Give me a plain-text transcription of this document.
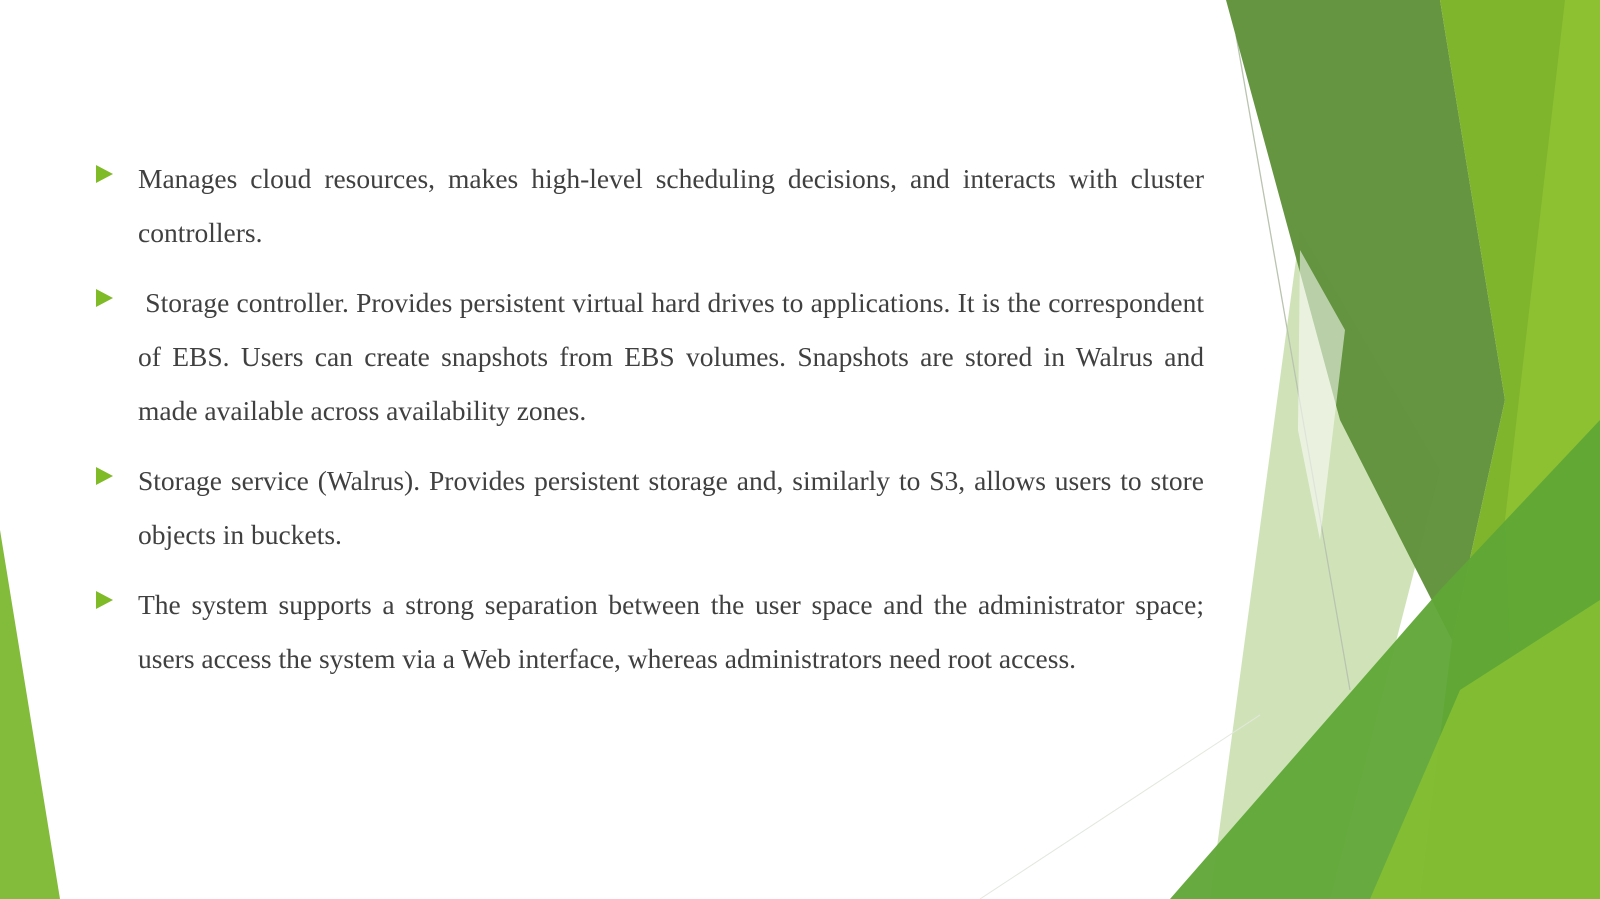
Manages cloud resources, makes high-level scheduling decisions, and interacts with cluster controllers.

Storage controller. Provides persistent virtual hard drives to applications. It is the correspondent of EBS. Users can create snapshots from EBS volumes. Snapshots are stored in Walrus and made available across availability zones.

Storage service (Walrus). Provides persistent storage and, similarly to S3, allows users to store objects in buckets.

The system supports a strong separation between the user space and the administrator space; users access the system via a Web interface, whereas administrators need root access.
